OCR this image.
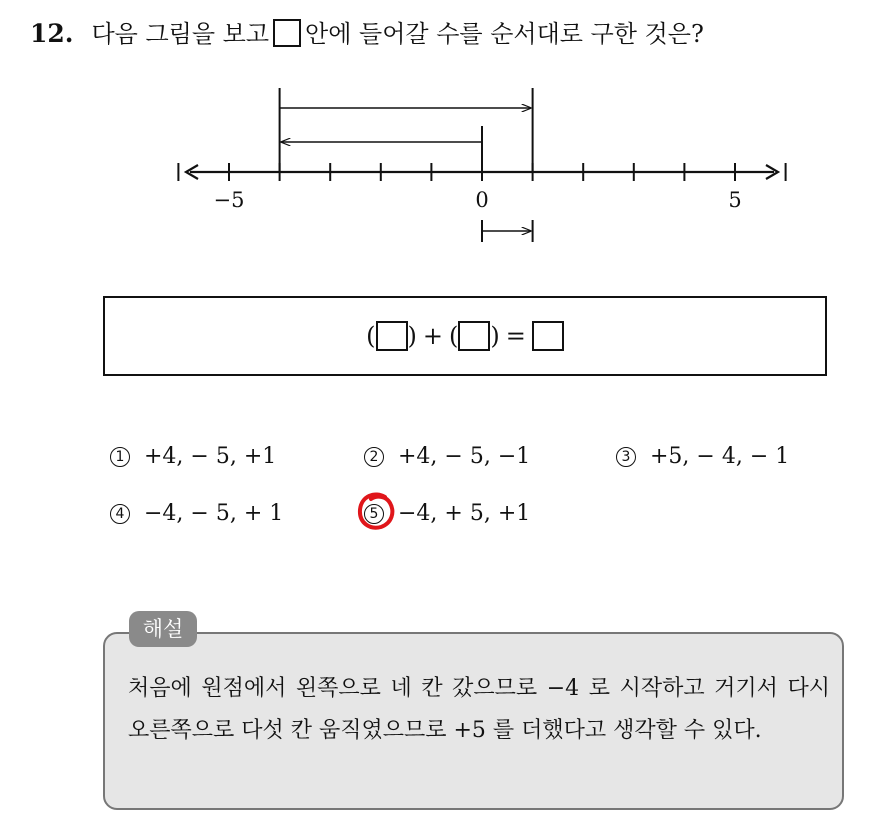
12. 다음 그림을 보고 안에 들어갈 수를 순서대로 구한 것은?
−5	0	5
( ) + ( ) =
1 +4, − 5, +1	2 +4, − 5, −1	3 +5, − 4, − 1
4 −4, − 5, + 1	5 −4, + 5, +1
해설
처음에 원점에서 왼쪽으로 네 칸 갔으므로 −4 로 시작하고 거기서 다시 오른쪽으로 다섯 칸 움직였으므로 +5 를 더했다고 생각할 수 있다.
